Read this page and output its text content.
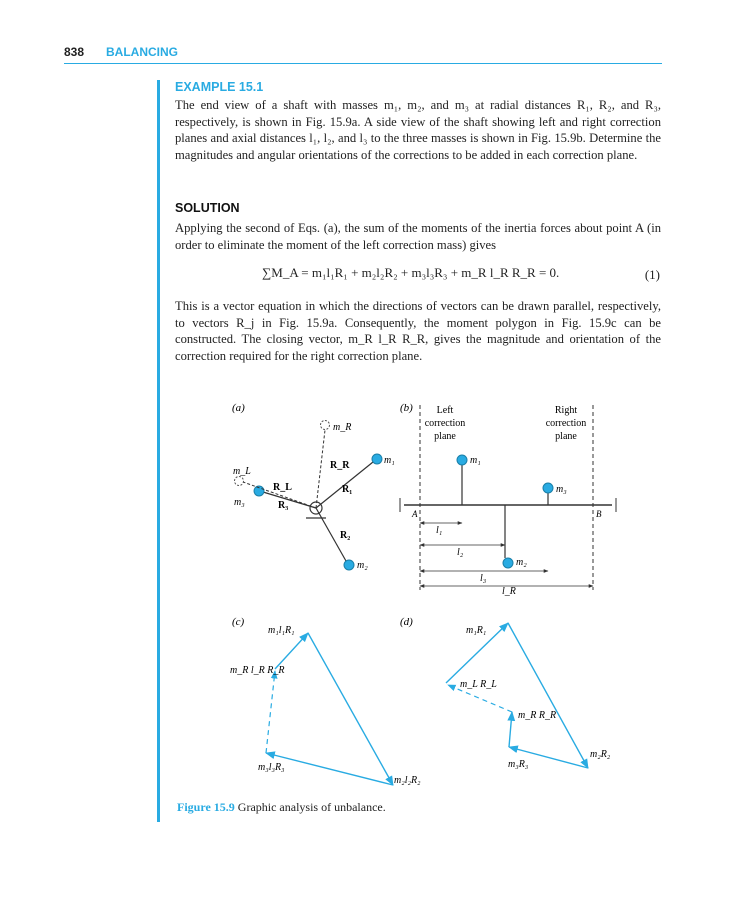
838 BALANCING
EXAMPLE 15.1
The end view of a shaft with masses m₁, m₂, and m₃ at radial distances R₁, R₂, and R₃, respectively, is shown in Fig. 15.9a. A side view of the shaft showing left and right correction planes and axial distances l₁, l₂, and l₃ to the three masses is shown in Fig. 15.9b. Determine the magnitudes and angular orientations of the corrections to be added in each correction plane.
SOLUTION
Applying the second of Eqs. (a), the sum of the moments of the inertia forces about point A (in order to eliminate the moment of the left correction mass) gives
∑M_A = m₁l₁R₁ + m₂l₂R₂ + m₃l₃R₃ + m_R l_R R_R = 0.	(1)
This is a vector equation in which the directions of vectors can be drawn parallel, respectively, to vectors R_j in Fig. 15.9a. Consequently, the moment polygon in Fig. 15.9c can be constructed. The closing vector, m_R l_R R_R, gives the magnitude and orientation of the correction required for the right correction plane.
(a)
m_R
R_R	m₁
m_L
R_L	R₁
m₃	R₃
R₂
m₂
(b) Left
correction
plane
Right
correction
plane
A	B
m₁
m₃
m₂
l₁
l₂
l₃
l_R
(c)
m₁l₁R₁
m_R l_R R_R
m₃l₃R₃
m₂l₂R₂
(d)
m₁R₁
m_L R_L
m_R R_R
m₃R₃
m₂R₂
Figure 15.9 Graphic analysis of unbalance.
